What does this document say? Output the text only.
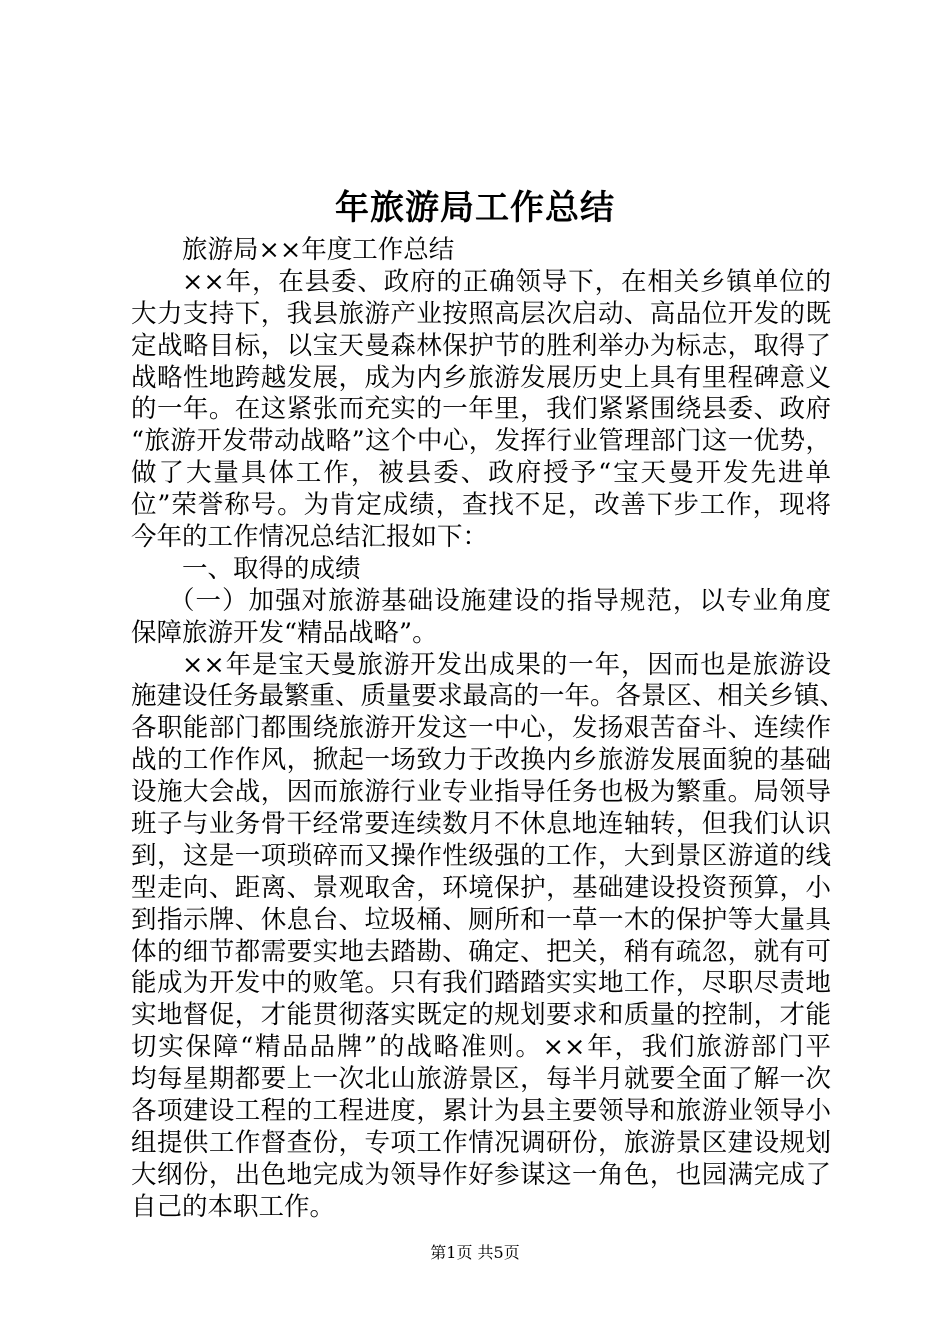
年旅游局工作总结
旅游局××年度工作总结
××年，在县委、政府的正确领导下，在相关乡镇单位的
大力支持下，我县旅游产业按照高层次启动、高品位开发的既
定战略目标，以宝天曼森林保护节的胜利举办为标志，取得了
战略性地跨越发展，成为内乡旅游发展历史上具有里程碑意义
的一年。在这紧张而充实的一年里，我们紧紧围绕县委、政府
“旅游开发带动战略”这个中心，发挥行业管理部门这一优势，
做了大量具体工作，被县委、政府授予“宝天曼开发先进单
位”荣誉称号。为肯定成绩，查找不足，改善下步工作，现将
今年的工作情况总结汇报如下：
一、取得的成绩
（一）加强对旅游基础设施建设的指导规范，以专业角度
保障旅游开发“精品战略”。
××年是宝天曼旅游开发出成果的一年，因而也是旅游设
施建设任务最繁重、质量要求最高的一年。各景区、相关乡镇、
各职能部门都围绕旅游开发这一中心，发扬艰苦奋斗、连续作
战的工作作风，掀起一场致力于改换内乡旅游发展面貌的基础
设施大会战，因而旅游行业专业指导任务也极为繁重。局领导
班子与业务骨干经常要连续数月不休息地连轴转，但我们认识
到，这是一项琐碎而又操作性级强的工作，大到景区游道的线
型走向、距离、景观取舍，环境保护，基础建设投资预算，小
到指示牌、休息台、垃圾桶、厕所和一草一木的保护等大量具
体的细节都需要实地去踏勘、确定、把关，稍有疏忽，就有可
能成为开发中的败笔。只有我们踏踏实实地工作，尽职尽责地
实地督促，才能贯彻落实既定的规划要求和质量的控制，才能
切实保障“精品品牌”的战略准则。××年，我们旅游部门平
均每星期都要上一次北山旅游景区，每半月就要全面了解一次
各项建设工程的工程进度，累计为县主要领导和旅游业领导小
组提供工作督查份，专项工作情况调研份，旅游景区建设规划
大纲份，出色地完成为领导作好参谋这一角色，也园满完成了
自己的本职工作。
第1页 共5页
